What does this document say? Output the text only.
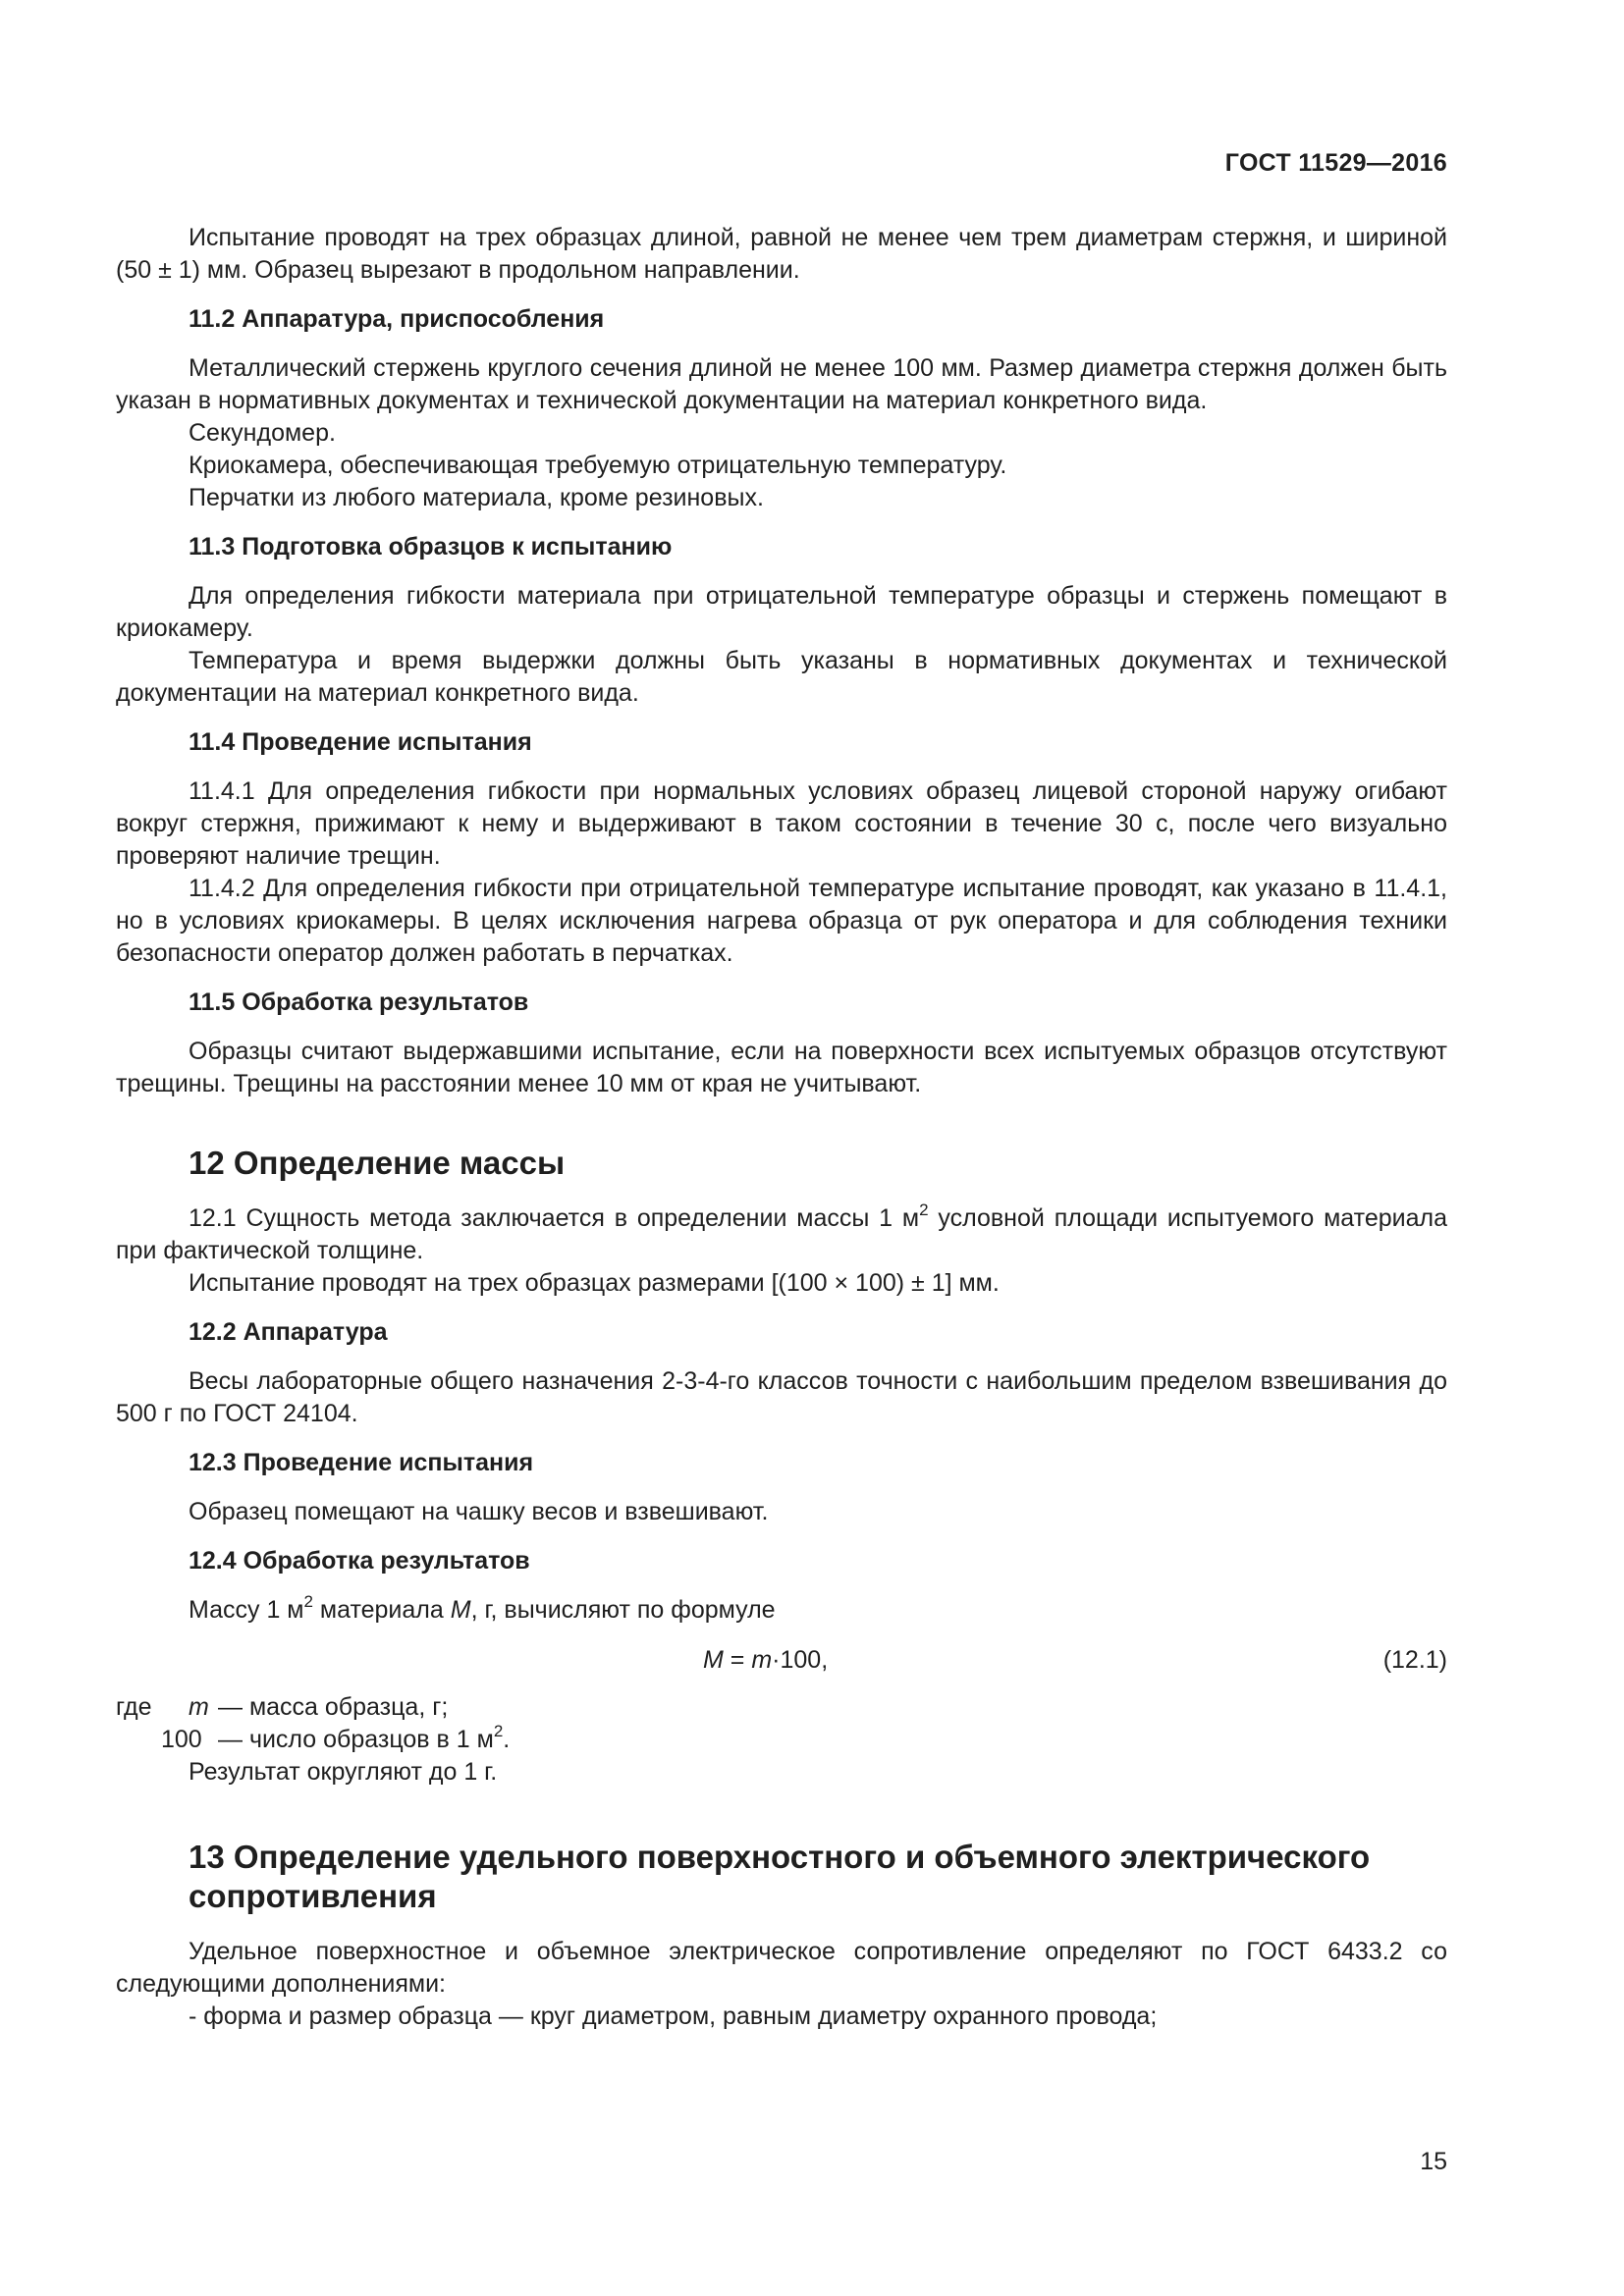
ГОСТ 11529—2016

Испытание проводят на трех образцах длиной, равной не менее чем трем диаметрам стержня, и шириной (50 ± 1) мм. Образец вырезают в продольном направлении.

11.2 Аппаратура, приспособления

Металлический стержень круглого сечения длиной не менее 100 мм. Размер диаметра стержня должен быть указан в нормативных документах и технической документации на материал конкретного вида.

Секундомер.

Криокамера, обеспечивающая требуемую отрицательную температуру.

Перчатки из любого материала, кроме резиновых.

11.3 Подготовка образцов к испытанию

Для определения гибкости материала при отрицательной температуре образцы и стержень помещают в криокамеру.

Температура и время выдержки должны быть указаны в нормативных документах и технической документации на материал конкретного вида.

11.4 Проведение испытания

11.4.1 Для определения гибкости при нормальных условиях образец лицевой стороной наружу огибают вокруг стержня, прижимают к нему и выдерживают в таком состоянии в течение 30 с, после чего визуально проверяют наличие трещин.

11.4.2 Для определения гибкости при отрицательной температуре испытание проводят, как указано в 11.4.1, но в условиях криокамеры. В целях исключения нагрева образца от рук оператора и для соблюдения техники безопасности оператор должен работать в перчатках.

11.5 Обработка результатов

Образцы считают выдержавшими испытание, если на поверхности всех испытуемых образцов отсутствуют трещины. Трещины на расстоянии менее 10 мм от края не учитывают.

12 Определение массы

12.1 Сущность метода заключается в определении массы 1 $м^2$ условной площади испытуемого материала при фактической толщине.

Испытание проводят на трех образцах размерами [(100 × 100) ± 1] мм.

12.2 Аппаратура

Весы лабораторные общего назначения 2-3-4-го классов точности с наибольшим пределом взвешивания до 500 г по ГОСТ 24104.

12.3 Проведение испытания

Образец помещают на чашку весов и взвешивают.

12.4 Обработка результатов

Массу 1 $м^2$ материала M, г, вычисляют по формуле

M = m·100,	(12.1)
где m — масса образца, г;
100 — число образцов в 1 $м^2$.

Результат округляют до 1 г.

13 Определение удельного поверхностного и объемного электрического
сопротивления

Удельное поверхностное и объемное электрическое сопротивление определяют по ГОСТ 6433.2 со следующими дополнениями:

- форма и размер образца — круг диаметром, равным диаметру охранного провода;

15
